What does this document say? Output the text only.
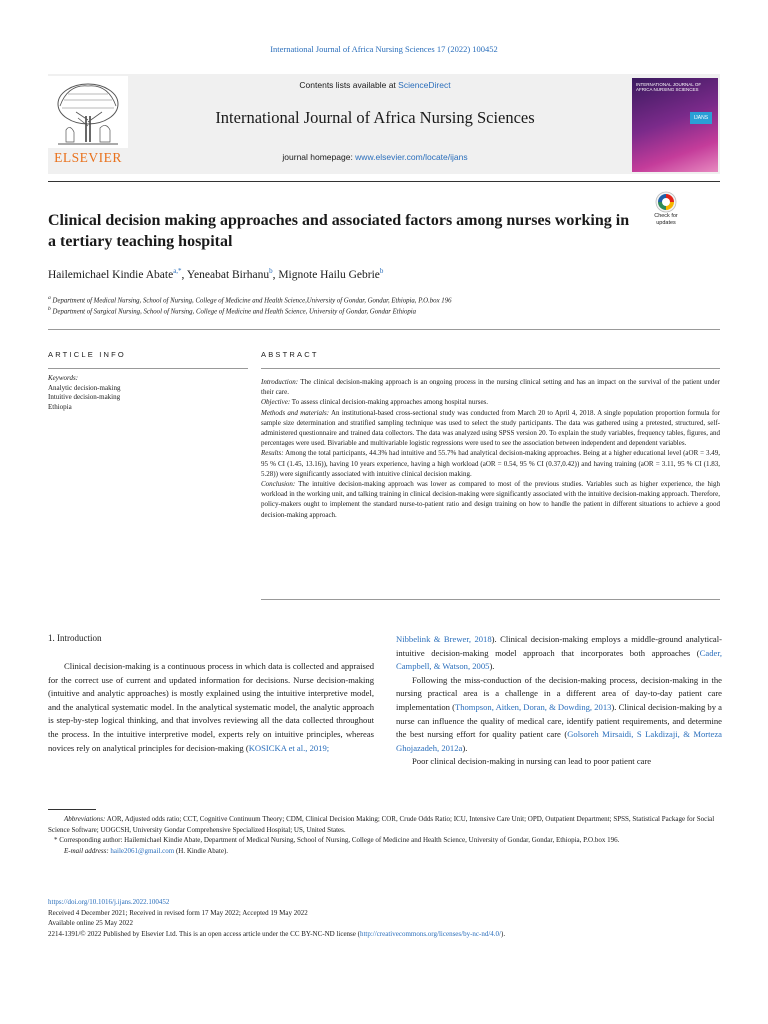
International Journal of Africa Nursing Sciences 17 (2022) 100452
ELSEVIER
Contents lists available at ScienceDirect
International Journal of Africa Nursing Sciences
journal homepage: www.elsevier.com/locate/ijans
INTERNATIONAL JOURNAL OF AFRICA NURSING SCIENCES
IJANS
Clinical decision making approaches and associated factors among nurses working in a tertiary teaching hospital
Check for updates
Hailemichael Kindie Abate$^{a,*}$, Yeneabat Birhanu$^b$, Mignote Hailu Gebrie$^b$
$^a$ Department of Medical Nursing, School of Nursing, College of Medicine and Health Science,University of Gondar, Gondar, Ethiopia, P.O.box 196
$^b$ Department of Surgical Nursing, School of Nursing, College of Medicine and Health Science, University of Gondar, Gondar Ethiopia
ARTICLE INFO	ABSTRACT
Keywords:
Analytic decision-making
Intuitive decision-making
Ethiopia

Introduction: The clinical decision-making approach is an ongoing process in the nursing clinical setting and has an impact on the survival of the patient under their care.

Objective: To assess clinical decision-making approaches among hospital nurses.

Methods and materials: An institutional-based cross-sectional study was conducted from March 20 to April 4, 2018. A single population proportion formula for sample size determination and stratified sampling technique was used to select the study participants. The data was gathered using a pretested, structured, self-administered questionnaire and trained data collectors. The data was analyzed using SPSS version 20. To explain the study variables, frequency tables, figures, and percentages were used. Bivariable and multivariable logistic regressions were used to see the association between independent and dependent variables.

Results: Among the total participants, 44.3% had intuitive and 55.7% had analytical decision-making approaches. Being at a higher educational level (aOR = 3.49, 95 % CI (1.45, 13.16)), having 10 years experience, having a high workload (aOR = 0.54, 95 % CI (0.37,0.42)) and having training (aOR = 3.11, 95 % CI (1.83, 5.28)) were significantly associated with intuitive clinical decision making.

Conclusion: The intuitive decision-making approach was lower as compared to most of the previous studies. Variables such as higher experience, the high workload in the working unit, and talking training in clinical decision-making were significantly associated with the intuitive decision-making approach. Therefore, policy-makers ought to implement the standard nurse-to-patient ratio and design training on how to handle the patient in different situations to achieve a good decision-making approach.

1. Introduction

Clinical decision-making is a continuous process in which data is collected and appraised for the correct use of current and updated information for decisions. Nurse decision-making (intuitive and analytic approaches) is mostly explained using the intuitive interpretive model, and the analytical systematic model. In the analytical systematic model, the analytic approach is step-by-step logical thinking, and that involves reviewing all the data collected throughout the process. In the intuitive interpretive model, experts rely on intuitive principles, whereas novices rely on analytical principles for decision-making (KOSICKA et al., 2019;

Nibbelink & Brewer, 2018). Clinical decision-making employs a middle-ground analytical-intuitive decision-making model approach that incorporates both approaches (Cader, Campbell, & Watson, 2005).

Following the miss-conduction of the decision-making process, decision-making in the nursing practical area is a challenge in a different area of day-to-day patient care implementation (Thompson, Aitken, Doran, & Dowding, 2013). Clinical decision-making by a nurse can influence the quality of medical care, identify patient requirements, and determine the best nursing effort for quality patient care (Golsoreh Mirsaidi, S Lakdizaji, & Morteza Ghojazadeh, 2012a).

Poor clinical decision-making in nursing can lead to poor patient care

Abbreviations: AOR, Adjusted odds ratio; CCT, Cognitive Continuum Theory; CDM, Clinical Decision Making; COR, Crude Odds Ratio; ICU, Intensive Care Unit; OPD, Outpatient Department; SPSS, Statistical Package for Social Science Software; UOGCSH, University Gondar Comprehensive Specialized Hospital; US, United States.

* Corresponding author: Hailemichael Kindie Abate, Department of Medical Nursing, School of Nursing, College of Medicine and Health Science, University of Gondar, Gondar, Ethiopia, P.O.box 196.

E-mail address: haile2061@gmail.com (H. Kindie Abate).

https://doi.org/10.1016/j.ijans.2022.100452

Received 4 December 2021; Received in revised form 17 May 2022; Accepted 19 May 2022

Available online 25 May 2022

2214-1391/© 2022 Published by Elsevier Ltd. This is an open access article under the CC BY-NC-ND license (http://creativecommons.org/licenses/by-nc-nd/4.0/).
